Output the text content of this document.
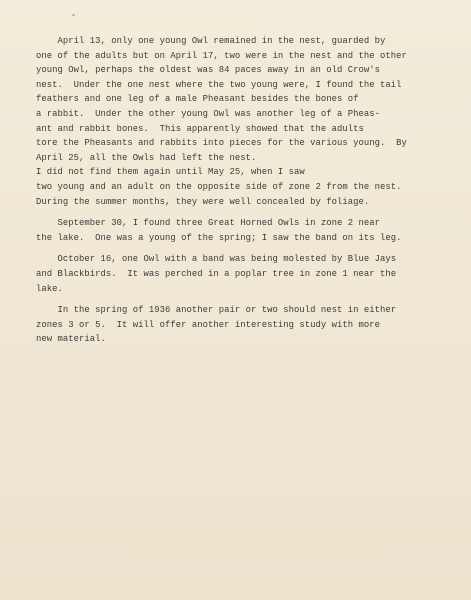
April 13, only one young Owl remained in the nest, guarded by
one of the adults but on April 17, two were in the nest and the other
young Owl, perhaps the oldest was 84 paces away in an old Crow's
nest.  Under the one nest where the two young were, I found the tail
feathers and one leg of a male Pheasant besides the bones of
a rabbit.  Under the other young Owl was another leg of a Pheas-
ant and rabbit bones.  This apparently showed that the adults
tore the Pheasants and rabbits into pieces for the various young.  By
April 25, all the Owls had left the nest.
I did not find them again until May 25, when I saw
two young and an adult on the opposite side of zone 2 from the nest.
During the summer months, they were well concealed by foliage.
September 30, I found three Great Horned Owls in zone 2 near
the lake.  One was a young of the spring; I saw the band on its leg.
October 16, one Owl with a band was being molested by Blue Jays
and Blackbirds.  It was perched in a poplar tree in zone 1 near the
lake.
In the spring of 1936 another pair or two should nest in either
zones 3 or 5.  It will offer another interesting study with more
new material.
